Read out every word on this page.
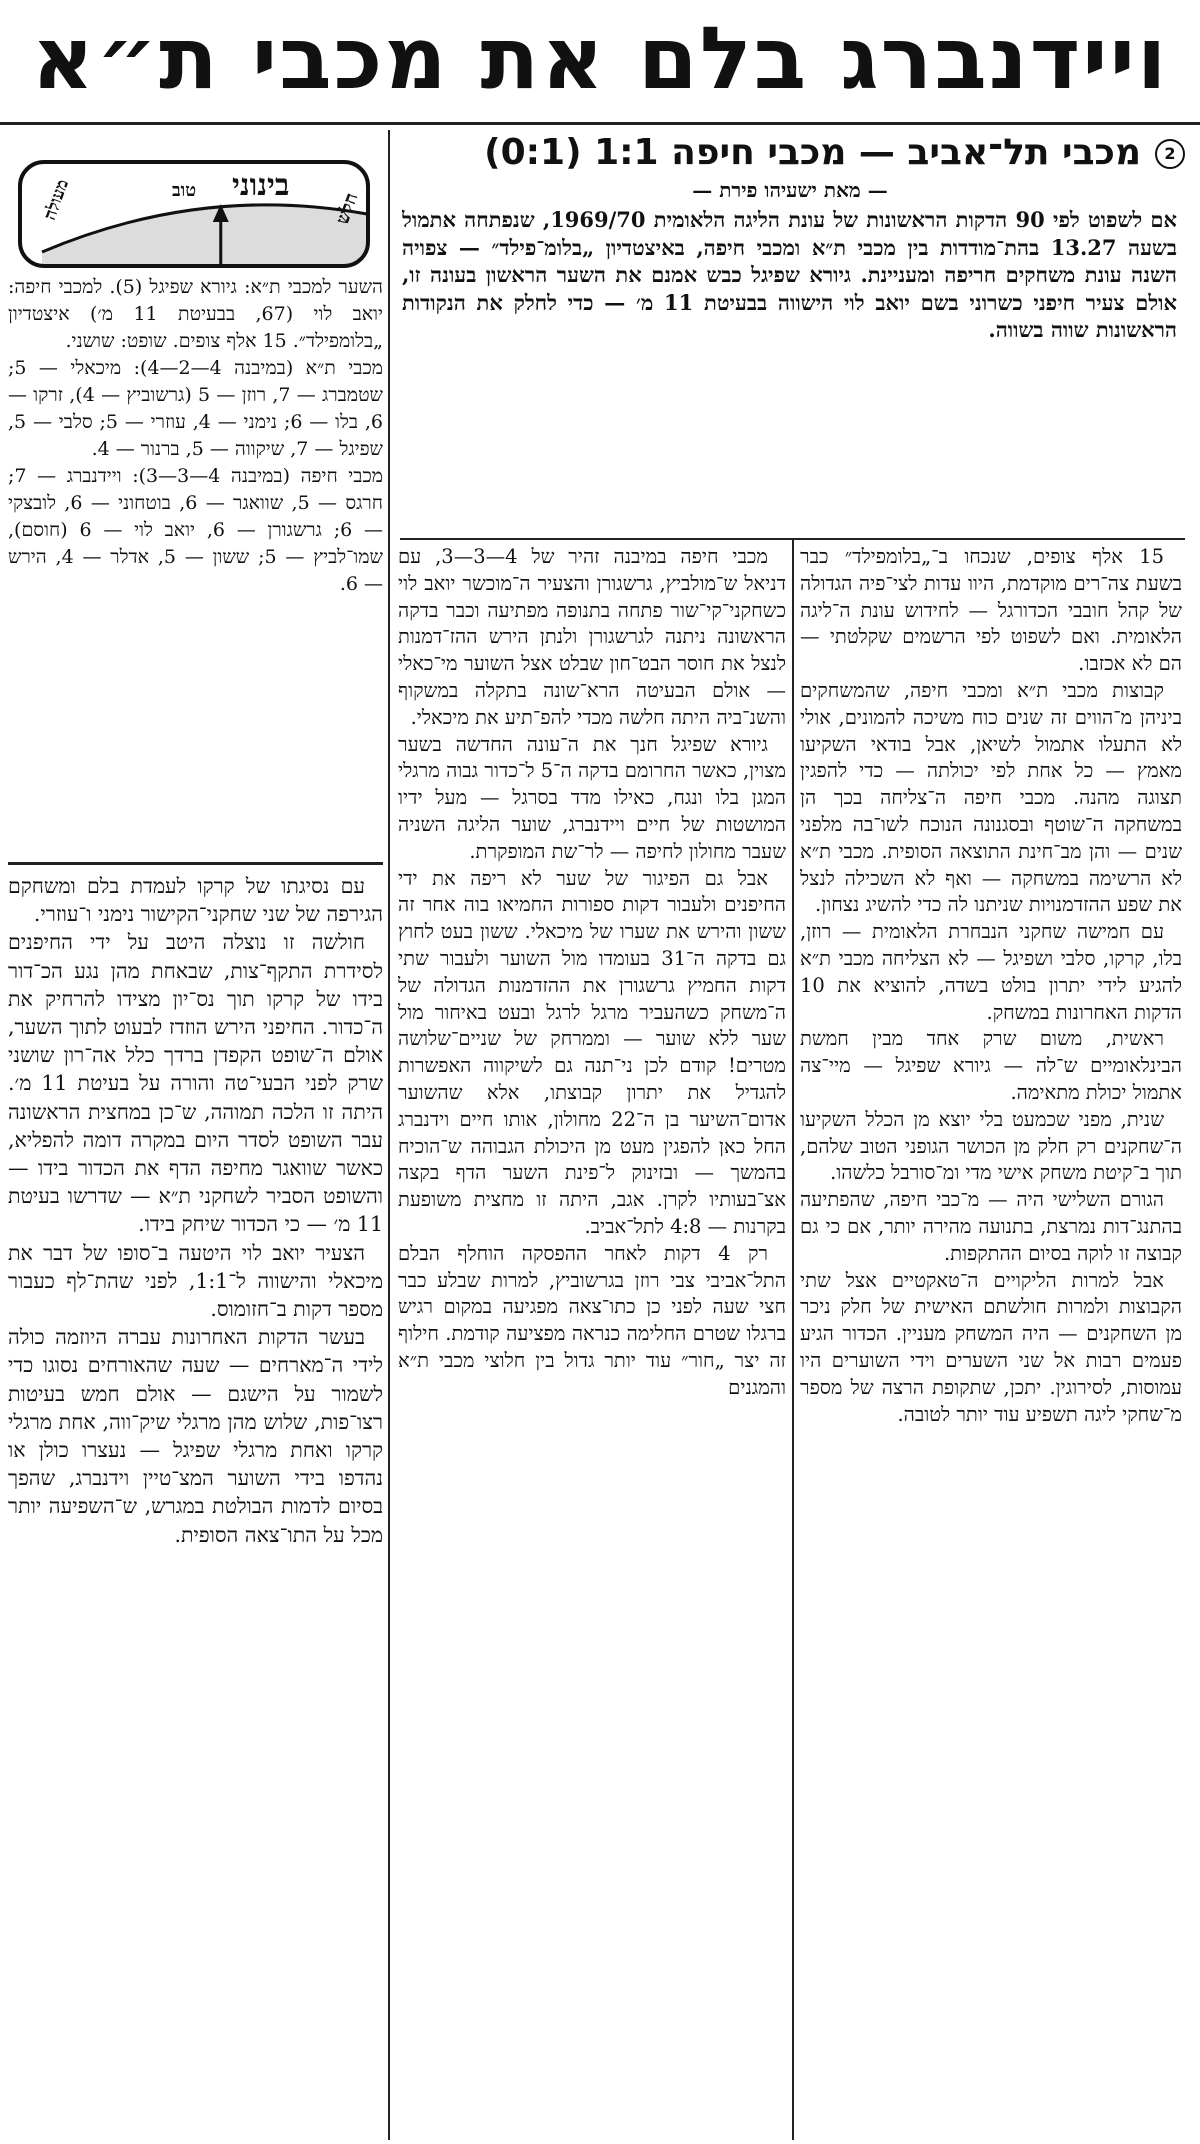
ויידנברג בלם את מכבי ת״א
2מכבי תל־אביב — מכבי חיפה 1:1 (0:1)
— מאת ישעיהו פירת —
אם לשפוט לפי 90 הדקות הראשונות של עונת הליגה הלאומית 1969/70, שנפתחה אתמול בשעה 13.27 בהת־מודדות בין מכבי ת״א ומכבי חיפה, באיצטדיון „בלומ־פילד״ — צפויה השנה עונת משחקים חריפה ומעניינת. גיורא שפיגל כבש אמנם את השער הראשון בעונה זו, אולם צעיר חיפני כשרוני בשם יואב לוי הישווה בבעיטת 11 מ׳ — כדי לחלק את הנקודות הראשונות שווה בשווה.
מעולה	טוב בינוני
חלש

השער למכבי ת״א: גיורא שפיגל (5). למכבי חיפה: יואב לוי (67, בבעיטת 11 מ׳) איצטדיון „בלומפילד״. 15 אלף צופים. שופט: שושני.

מכבי ת״א (במיבנה 4—2—4): מיכאלי — 5; שטמברג — 7, רוזן — 5 (גרשוביץ — 4), זרקו — 6, בלו — 6; נימני — 4, עוזרי — 5; סלבי — 5, שפיגל — 7, שיקווה — 5, ברנור — 4.

מכבי חיפה (במיבנה 4—3—3): ויידנברג — 7; חרגס — 5, שוואגר — 6, בוטחוני — 6, לובצקי — 6; גרשגורן — 6, יואב לוי — 6 (חוסם), שמו־לביץ — 5; ששון — 5, אדלר — 4, הירש — 6.

עם נסיגתו של קרקו לעמדת בלם ומשחקם הגירפה של שני שחקני־הקישור נימני ו־עוזרי.

חולשה זו נוצלה היטב על ידי החיפנים לסידרת התקף־צות, שבאחת מהן נגע הכ־דור בידו של קרקו תוך נס־יון מצידו להרחיק את ה־כדור. החיפני הירש הוזדז לבעוט לתוך השער, אולם ה־שופט הקפדן ברדך כלל אה־רון שושני שרק לפני הבעי־טה והורה על בעיטת 11 מ׳. היתה זו הלכה תמוהה, ש־כן במחצית הראשונה עבר השופט לסדר היום במקרה דומה להפליא, כאשר שוואגר מחיפה הדף את הכדור בידו — והשופט הסביר לשחקני ת״א — שדרשו בעיטת 11 מ׳ — כי הכדור שיחק בידו.

הצעיר יואב לוי היטעה ב־סופו של דבר את מיכאלי והישווה ל־1:1, לפני שהת־לף כעבור מספר דקות ב־חזומוס.

בעשר הדקות האחרונות עברה היוזמה כולה לידי ה־מארחים — שעה שהאורחים נסוגו כדי לשמור על הישגם — אולם חמש בעיטות רצו־פות, שלוש מהן מרגלי שיק־ווה, אחת מרגלי קרקו ואחת מרגלי שפיגל — נעצרו כולן או נהדפו בידי השוער המצ־טיין וידנברג, שהפך בסיום לדמות הבולטת במגרש, ש־השפיעה יותר מכל על התו־צאה הסופית.

מכבי חיפה במיבנה זהיר של 4—3—3, עם דניאל ש־מולביץ, גרשגורן והצעיר ה־מוכשר יואב לוי כשחקני־קי־שור פתחה בתנופה מפתיעה וכבר בדקה הראשונה ניתנה לגרשגורן ולנתן הירש ההז־דמנות לנצל את חוסר הבט־חון שבלט אצל השוער מי־כאלי — אולם הבעיטה הרא־שונה בתקלה במשקוף והשנ־ביה היתה חלשה מכדי להפ־תיע את מיכאלי.

גיורא שפיגל חנך את ה־עונה החדשה בשער מצוין, כאשר החרומם בדקה ה־5 ל־כדור גבוה מרגלי המגן בלו ונגח, כאילו מדד בסרגל — מעל ידיו המושטות של חיים ויידנברג, שוער הליגה השניה שעבר מחולון לחיפה — לר־שת המופקרת.

אבל גם הפיגור של שער לא ריפה את ידי החיפנים ולעבור דקות ספורות החמיאו בוה אחר זה ששון והירש את שערו של מיכאלי. ששון בעט לחוץ גם בדקה ה־31 בעומדו מול השוער ולעבור שתי דקות החמיץ גרשגורן את ההזדמנות הגדולה של ה־משחק כשהעביר מרגל לרגל ובעט באיחור מול שער ללא שוער — וממרחק של שניים־שלושה מטרים! קודם לכן ני־תנה גם לשיקווה האפשרות להגדיל את יתרון קבוצתו, אלא שהשוער אדום־השיער בן ה־22 מחולון, אותו חיים וידנברג החל כאן להפגין מעט מן היכולת הגבוהה ש־הוכיח בהמשך — ובזינוק ל־פינת השער הדף בקצה אצ־בעותיו לקרן. אגב, היתה זו מחצית משופעת בקרנות — 4:8 לתל־אביב.

רק 4 דקות לאחר ההפסקה הוחלף הבלם התל־אביבי צבי רוזן בגרשוביץ, למרות שבלע כבר חצי שעה לפני כן כתו־צאה מפגיעה במקום רגיש ברגלו שטרם החלימה כנראה מפציעה קודמת. חילוף זה יצר „חור״ עוד יותר גדול בין חלוצי מכבי ת״א והמגנים

15 אלף צופים, שנכחו ב־„בלומפילד״ כבר בשעת צה־רים מוקדמת, היוו עדות לצי־פיה הגדולה של קהל חובבי הכדורגל — לחידוש עונת ה־ליגה הלאומית. ואם לשפוט לפי הרשמים שקלטתי — הם לא אכזבו.

קבוצות מכבי ת״א ומכבי חיפה, שהמשחקים ביניהן מ־הווים זה שנים כוח משיכה להמונים, אולי לא התעלו אתמול לשיאן, אבל בודאי השקיעו מאמץ — כל אחת לפי יכולתה — כדי להפגין תצוגה מהנה. מכבי חיפה ה־צליחה בכך הן במשחקה ה־שוטף ובסגנונה הנוכח לשו־בה מלפני שנים — והן מב־חינת התוצאה הסופית. מכבי ת״א לא הרשימה במשחקה — ואף לא השכילה לנצל את שפע ההזדמנויות שניתנו לה כדי להשיג נצחון.

עם חמישה שחקני הנבחרת הלאומית — רוזן, בלו, קרקו, סלבי ושפיגל — לא הצליחה מכבי ת״א להגיע לידי יתרון בולט בשדה, להוציא את 10 הדקות האחרונות במשחק.

ראשית, משום שרק אחד מבין חמשת הבינלאומיים ש־לה — גיורא שפיגל — מיי־צה אתמול יכולת מתאימה.

שנית, מפני שכמעט בלי יוצא מן הכלל השקיעו ה־שחקנים רק חלק מן הכושר הגופני הטוב שלהם, תוך ב־קיטת משחק אישי מדי ומ־סורבל כלשהו.

הגורם השלישי היה — מ־כבי חיפה, שהפתיעה בהתנג־דות נמרצת, בתנועה מהירה יותר, אם כי גם קבוצה זו לוקה בסיום ההתקפות.

אבל למרות הליקויים ה־טאקטיים אצל שתי הקבוצות ולמרות חולשתם האישית של חלק ניכר מן השחקנים — היה המשחק מעניין. הכדור הגיע פעמים רבות אל שני השערים וידי השוערים היו עמוסות, לסירוגין. יתכן, שתקופת הרצה של מספר מ־שחקי ליגה תשפיע עוד יותר לטובה.
